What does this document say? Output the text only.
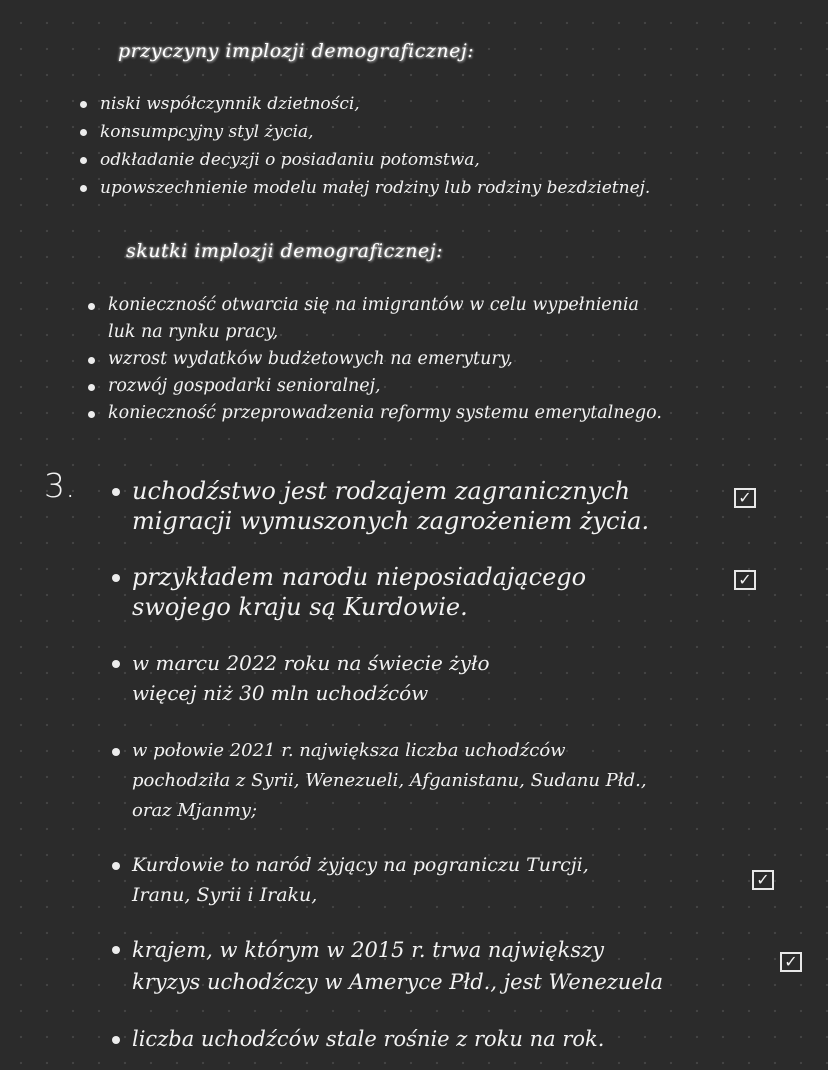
przyczyny implozji demograficznej:
niski współczynnik dzietności,
konsumpcyjny styl życia,
odkładanie decyzji o posiadaniu potomstwa,
upowszechnienie modelu małej rodziny lub rodziny bezdzietnej.
skutki implozji demograficznej:
konieczność otwarcia się na imigrantów w celu wypełnienia luk na rynku pracy,
wzrost wydatków budżetowych na emerytury,
rozwój gospodarki senioralnej,
konieczność przeprowadzenia reformy systemu emerytalnego.
3. uchodźstwo jest rodzajem zagranicznych
migracji wymuszonych zagrożeniem życia.
✓
przykładem narodu nieposiadającego
swojego kraju są Kurdowie.
✓
w marcu 2022 roku na świecie żyło
więcej niż 30 mln uchodźców
w połowie 2021 r. największa liczba uchodźców
pochodziła z Syrii, Wenezueli, Afganistanu, Sudanu Płd.,
oraz Mjanmy;
Kurdowie to naród żyjący na pograniczu Turcji,
Iranu, Syrii i Iraku,
✓
krajem, w którym w 2015 r. trwa największy
kryzys uchodźczy w Ameryce Płd., jest Wenezuela
✓
liczba uchodźców stale rośnie z roku na rok.
